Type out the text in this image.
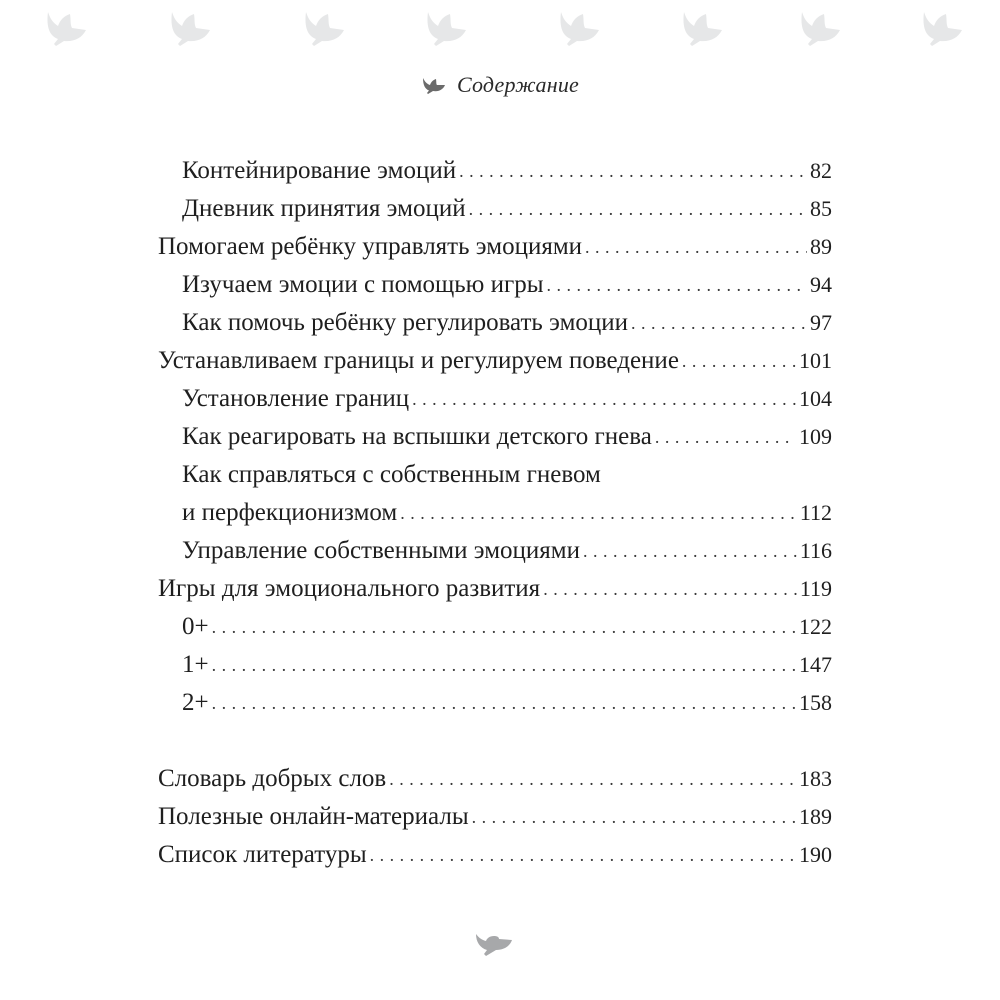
Содержание
Контейнирование эмоций . . .	82
Дневник принятия эмоций . . .	85
Помогаем ребёнку управлять эмоциями . . .	89
Изучаем эмоции с помощью игры . . .	94
Как помочь ребёнку регулировать эмоции . . .	97
Устанавливаем границы и регулируем поведение . . .	101
Установление границ . . .	104
Как реагировать на вспышки детского гнева . . .	109
Как справляться с собственным гневом
и перфекционизмом . . .	112
Управление собственными эмоциями . . .	116
Игры для эмоционального развития . . .	119
0+ . . .	122
1+ . . .	147
2+ . . .	158
Словарь добрых слов . . .	183
Полезные онлайн-материалы . . .	189
Список литературы . . .	190
